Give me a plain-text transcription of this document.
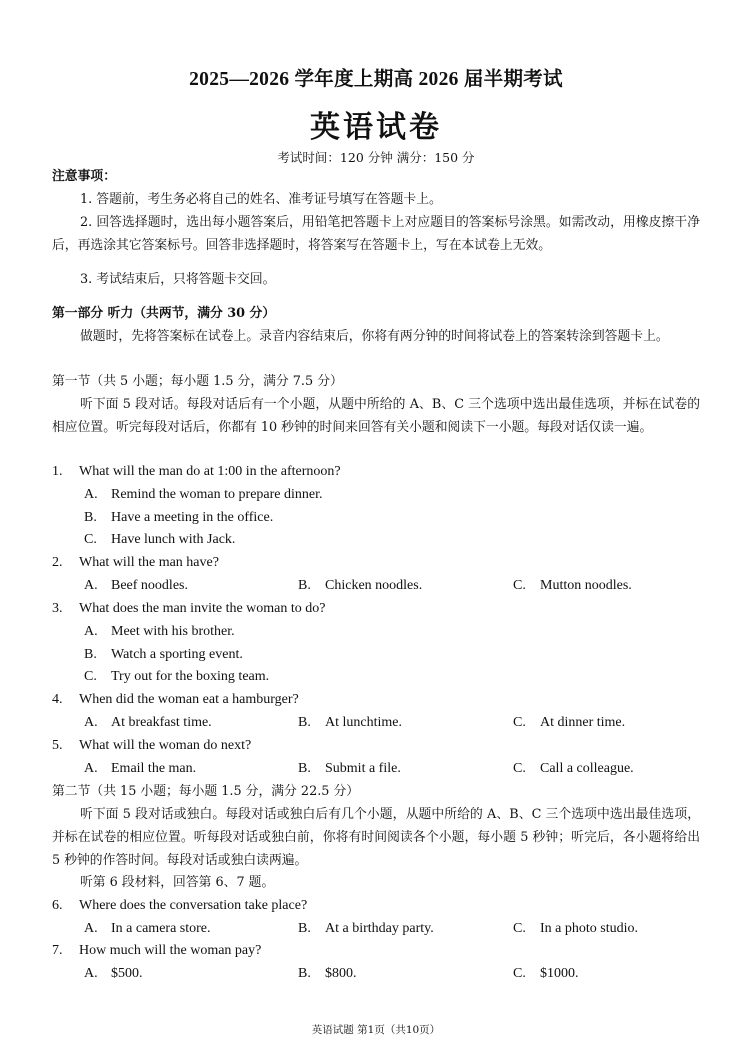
2025—2026 学年度上期高 2026 届半期考试
英语试卷
考试时间：120 分钟 满分：150 分
注意事项：
1. 答题前，考生务必将自己的姓名、准考证号填写在答题卡上。
2. 回答选择题时，选出每小题答案后，用铅笔把答题卡上对应题目的答案标号涂黑。如需改动，用橡皮擦干净后，再选涂其它答案标号。回答非选择题时，将答案写在答题卡上，写在本试卷上无效。
3. 考试结束后，只将答题卡交回。
第一部分 听力（共两节，满分 30 分）
做题时，先将答案标在试卷上。录音内容结束后，你将有两分钟的时间将试卷上的答案转涂到答题卡上。
第一节（共 5 小题；每小题 1.5 分，满分 7.5 分）
听下面 5 段对话。每段对话后有一个小题，从题中所给的 A、B、C 三个选项中选出最佳选项，并标在试卷的相应位置。听完每段对话后，你都有 10 秒钟的时间来回答有关小题和阅读下一小题。每段对话仅读一遍。
1. What will the man do at 1:00 in the afternoon?
A. Remind the woman to prepare dinner.
B. Have a meeting in the office.
C. Have lunch with Jack.
2. What will the man have?
A. Beef noodles.	B. Chicken noodles.	C. Mutton noodles.
3. What does the man invite the woman to do?
A. Meet with his brother.
B. Watch a sporting event.
C. Try out for the boxing team.
4. When did the woman eat a hamburger?
A. At breakfast time.	B. At lunchtime.	C. At dinner time.
5. What will the woman do next?
A. Email the man.	B. Submit a file.	C. Call a colleague.
6. Where does the conversation take place?
A. In a camera store.	B. At a birthday party.	C. In a photo studio.
7. How much will the woman pay?
A. $500.	B. $800.	C. $1000.
第二节（共 15 小题；每小题 1.5 分，满分 22.5 分）
听下面 5 段对话或独白。每段对话或独白后有几个小题，从题中所给的 A、B、C 三个选项中选出最佳选项，并标在试卷的相应位置。听每段对话或独白前，你将有时间阅读各个小题，每小题 5 秒钟；听完后，各小题将给出 5 秒钟的作答时间。每段对话或独白读两遍。
听第 6 段材料，回答第 6、7 题。
英语试题 第1页（共10页）
